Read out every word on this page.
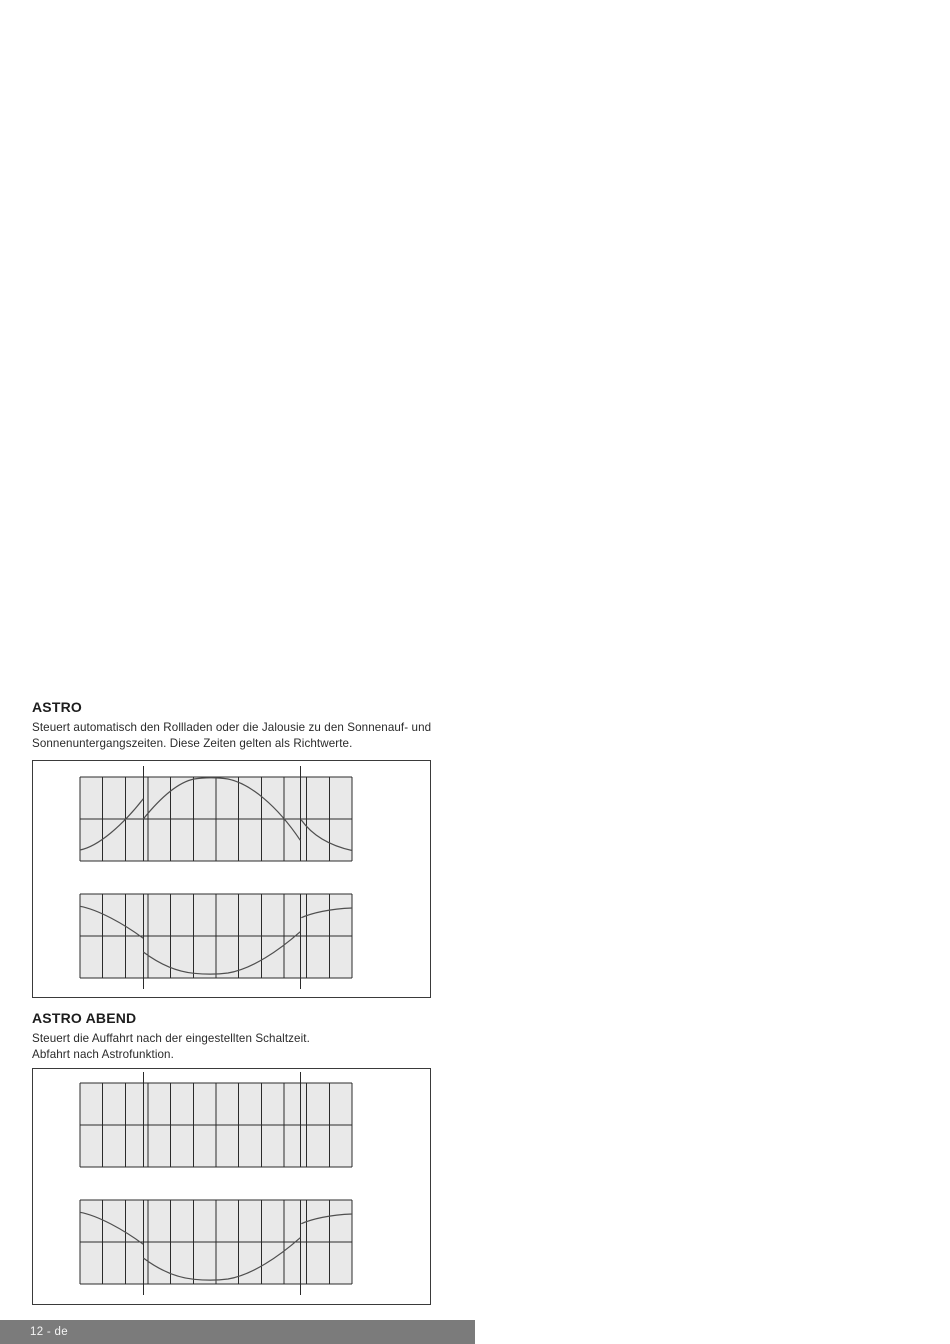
ASTRO

Steuert automatisch den Rollladen oder die Jalousie zu den Sonnenauf- und
Sonnenuntergangszeiten. Diese Zeiten gelten als Richtwerte.

ASTRO ABEND

Steuert die Auffahrt nach der eingestellten Schaltzeit.
Abfahrt nach Astrofunktion.

12 - de
